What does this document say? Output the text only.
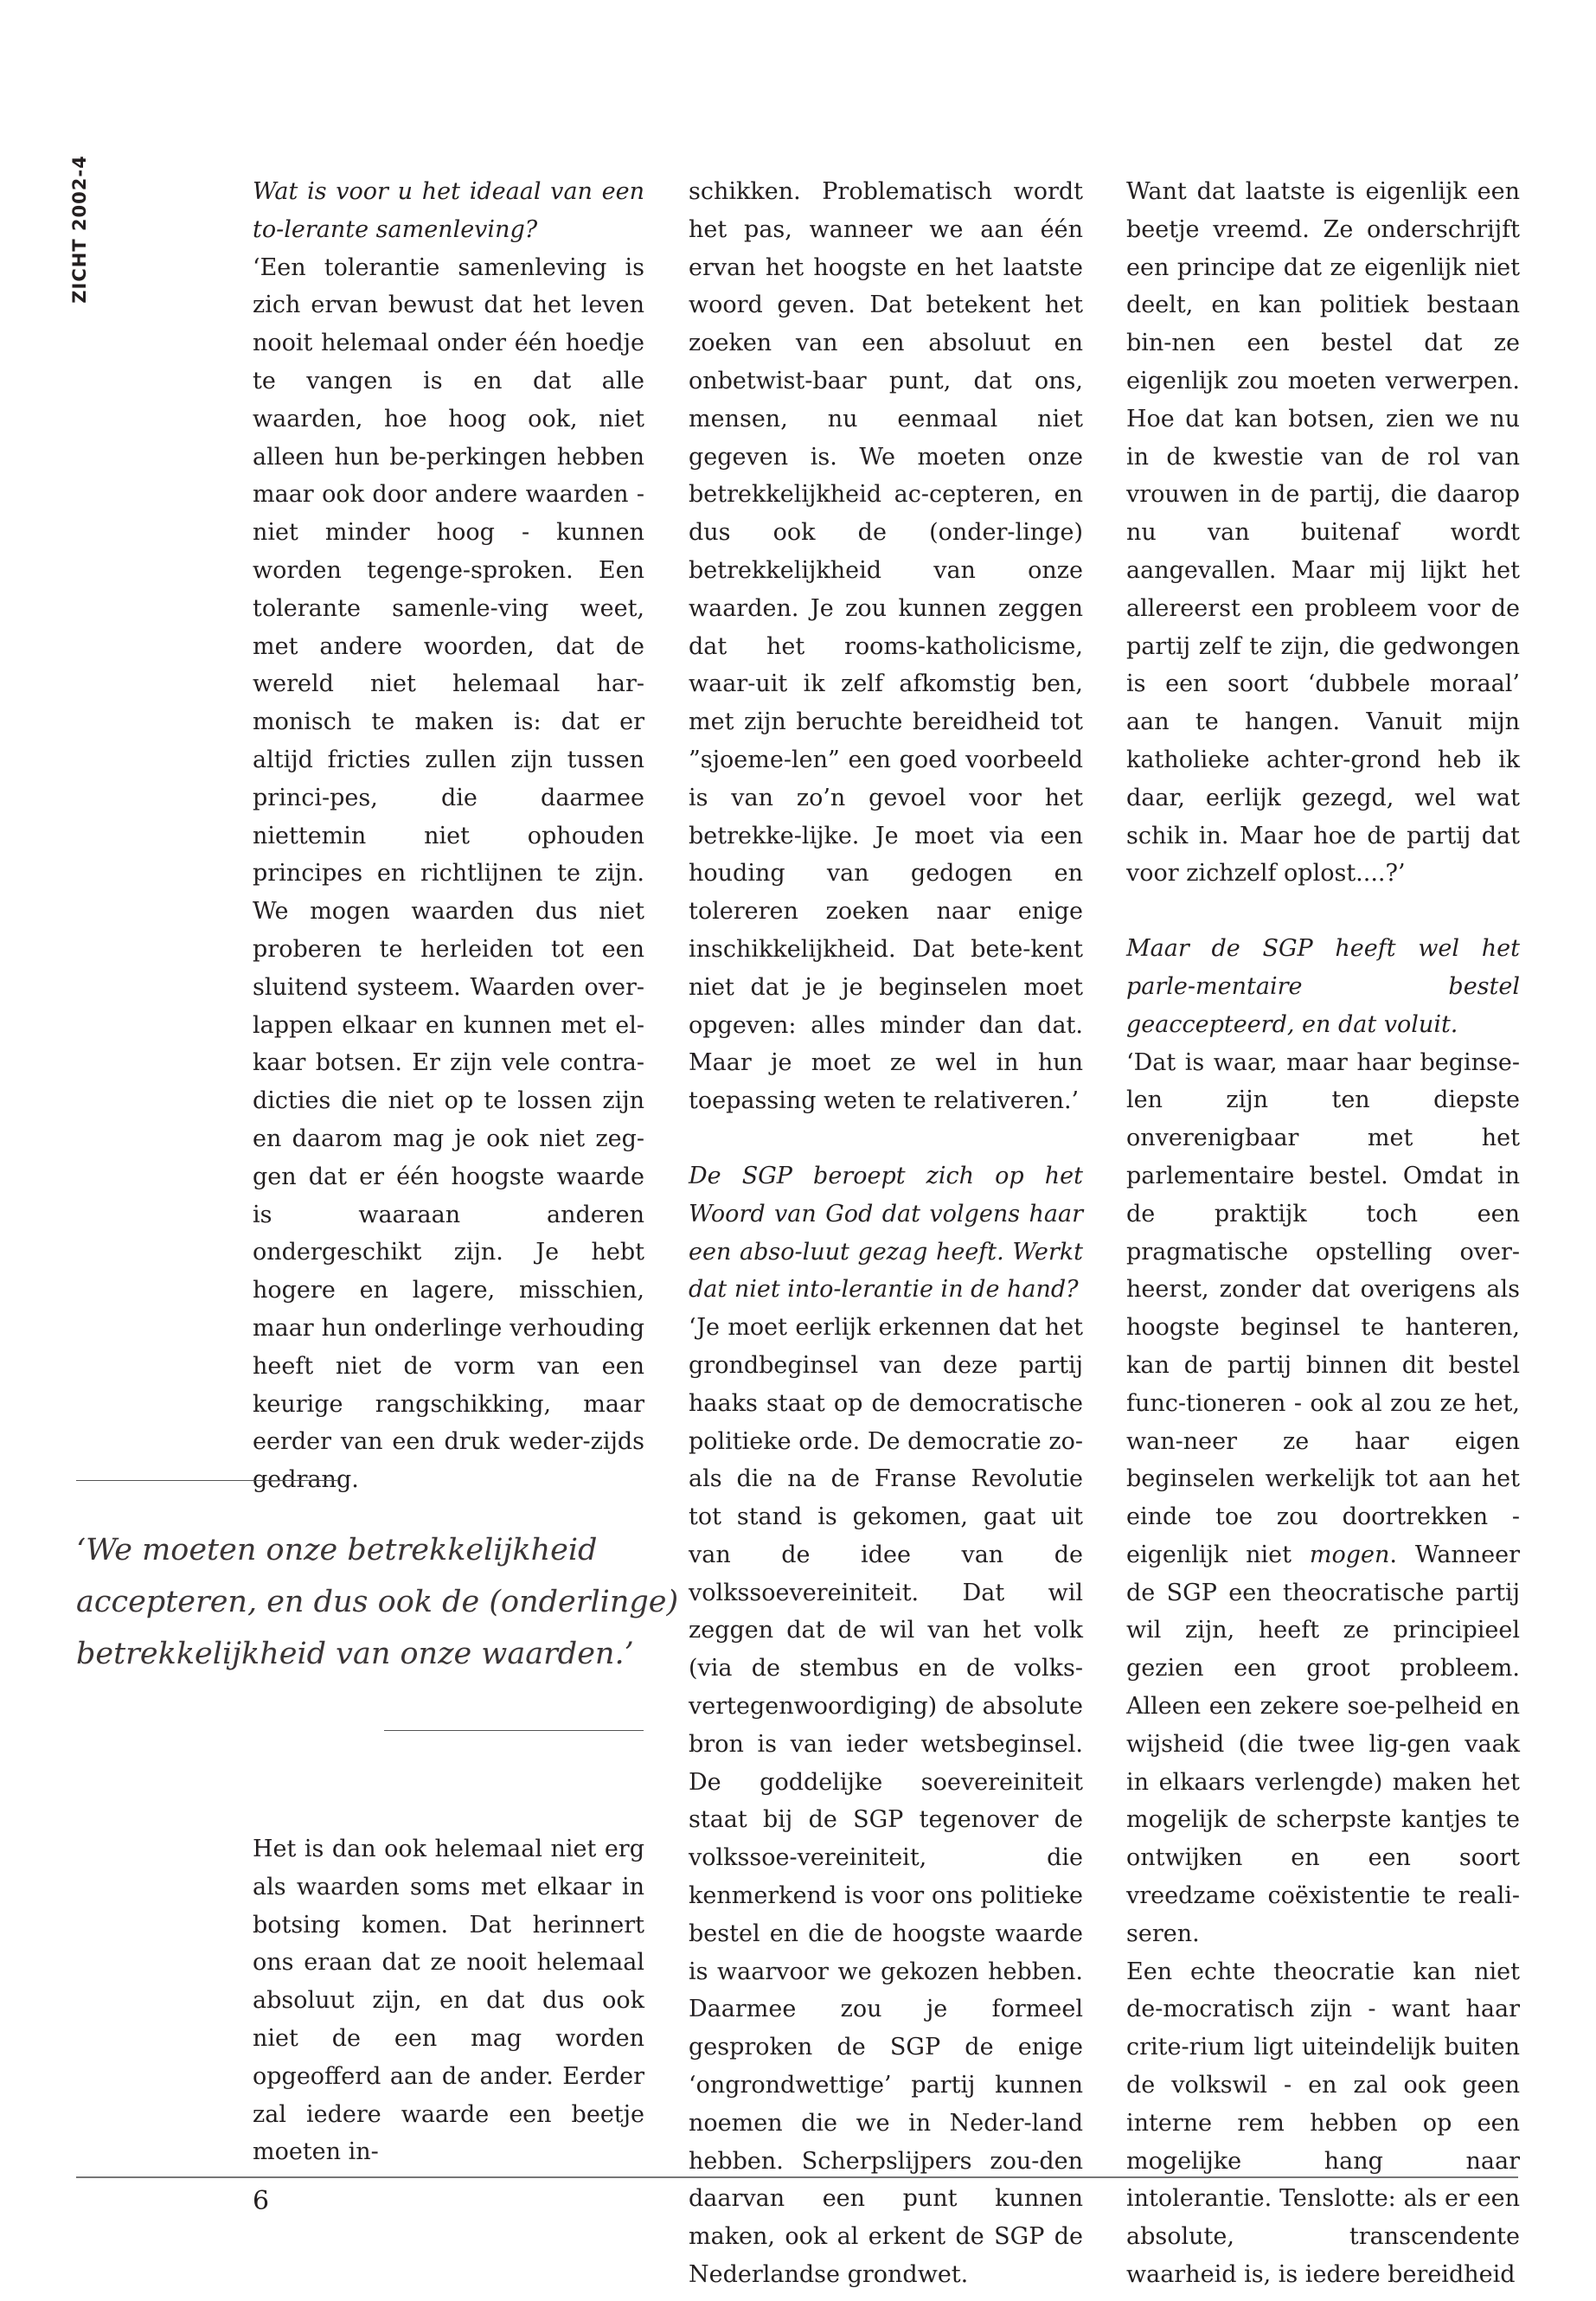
ZICHT 2002-4	Wat is voor u het ideaal van een to-lerante samenleving?

‘Een tolerantie samenleving is zich ervan bewust dat het leven nooit helemaal onder één hoedje te vangen is en dat alle waarden, hoe hoog ook, niet alleen hun be-perkingen hebben maar ook door andere waarden - niet minder hoog - kunnen worden tegenge-sproken. Een tolerante samenle-ving weet, met andere woorden, dat de wereld niet helemaal har-monisch te maken is: dat er altijd fricties zullen zijn tussen princi-pes, die daarmee niettemin niet ophouden principes en richtlijnen te zijn. We mogen waarden dus niet proberen te herleiden tot een sluitend systeem. Waarden over-lappen elkaar en kunnen met el-kaar botsen. Er zijn vele contra-dicties die niet op te lossen zijn en daarom mag je ook niet zeg-gen dat er één hoogste waarde is waaraan anderen ondergeschikt zijn. Je hebt hogere en lagere, misschien, maar hun onderlinge verhouding heeft niet de vorm van een keurige rangschikking, maar eerder van een druk weder-zijds gedrang.

‘We moeten onze betrekkelijkheid
accepteren, en dus ook de (onderlinge)
betrekkelijkheid van onze waarden.’

Het is dan ook helemaal niet erg als waarden soms met elkaar in botsing komen. Dat herinnert ons eraan dat ze nooit helemaal absoluut zijn, en dat dus ook niet de een mag worden opgeofferd aan de ander. Eerder zal iedere waarde een beetje moeten in-

schikken. Problematisch wordt het pas, wanneer we aan één ervan het hoogste en het laatste woord geven. Dat betekent het zoeken van een absoluut en onbetwist-baar punt, dat ons, mensen, nu eenmaal niet gegeven is. We moeten onze betrekkelijkheid ac-cepteren, en dus ook de (onder-linge) betrekkelijkheid van onze waarden. Je zou kunnen zeggen dat het rooms-katholicisme, waar-uit ik zelf afkomstig ben, met zijn beruchte bereidheid tot ”sjoeme-len” een goed voorbeeld is van zo’n gevoel voor het betrekke-lijke. Je moet via een houding van gedogen en tolereren zoeken naar enige inschikkelijkheid. Dat bete-kent niet dat je je beginselen moet opgeven: alles minder dan dat. Maar je moet ze wel in hun toepassing weten te relativeren.’

De SGP beroept zich op het Woord van God dat volgens haar een abso-luut gezag heeft. Werkt dat niet into-lerantie in de hand?

‘Je moet eerlijk erkennen dat het grondbeginsel van deze partij haaks staat op de democratische politieke orde. De democratie zo-als die na de Franse Revolutie tot stand is gekomen, gaat uit van de idee van de volkssoevereiniteit. Dat wil zeggen dat de wil van het volk (via de stembus en de volks-vertegenwoordiging) de absolute bron is van ieder wetsbeginsel. De goddelijke soevereiniteit staat bij de SGP tegenover de volkssoe-vereiniteit, die kenmerkend is voor ons politieke bestel en die de hoogste waarde is waarvoor we gekozen hebben. Daarmee zou je formeel gesproken de SGP de enige ‘ongrondwettige’ partij kunnen noemen die we in Neder-land hebben. Scherpslijpers zou-den daarvan een punt kunnen maken, ook al erkent de SGP de Nederlandse grondwet.

Want dat laatste is eigenlijk een beetje vreemd. Ze onderschrijft een principe dat ze eigenlijk niet deelt, en kan politiek bestaan bin-nen een bestel dat ze eigenlijk zou moeten verwerpen. Hoe dat kan botsen, zien we nu in de kwestie van de rol van vrouwen in de partij, die daarop nu van buitenaf wordt aangevallen. Maar mij lijkt het allereerst een probleem voor de partij zelf te zijn, die gedwongen is een soort ‘dubbele moraal’ aan te hangen. Vanuit mijn katholieke achter-grond heb ik daar, eerlijk gezegd, wel wat schik in. Maar hoe de partij dat voor zichzelf oplost....?’

Maar de SGP heeft wel het parle-mentaire bestel geaccepteerd, en dat voluit.

‘Dat is waar, maar haar beginse-len zijn ten diepste onverenigbaar met het parlementaire bestel. Omdat in de praktijk toch een pragmatische opstelling over-heerst, zonder dat overigens als hoogste beginsel te hanteren, kan de partij binnen dit bestel func-tioneren - ook al zou ze het, wan-neer ze haar eigen beginselen werkelijk tot aan het einde toe zou doortrekken - eigenlijk niet mogen. Wanneer de SGP een theocratische partij wil zijn, heeft ze principieel gezien een groot probleem. Alleen een zekere soe-pelheid en wijsheid (die twee lig-gen vaak in elkaars verlengde) maken het mogelijk de scherpste kantjes te ontwijken en een soort vreedzame coëxistentie te reali-seren.

Een echte theocratie kan niet de-mocratisch zijn - want haar crite-rium ligt uiteindelijk buiten de volkswil - en zal ook geen interne rem hebben op een mogelijke hang naar intolerantie. Tenslotte: als er een absolute, transcendente waarheid is, is iedere bereidheid

6
